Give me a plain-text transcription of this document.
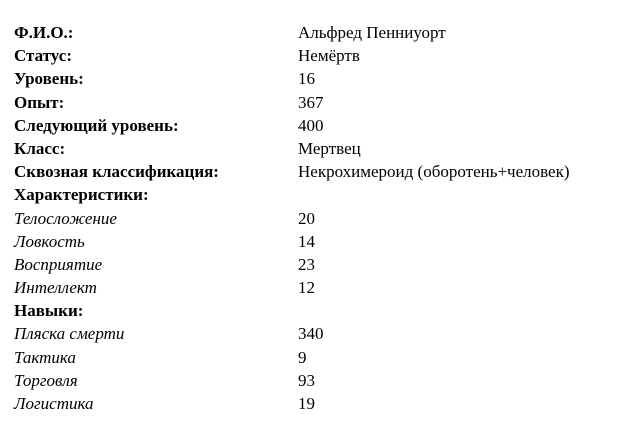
Ф.И.О.:	Альфред Пенниуорт
Статус:	Немёртв
Уровень:	16
Опыт:	367
Следующий уровень:	400
Класс:	Мертвец
Сквозная классификация:	Некрохимероид (оборотень+человек)
Характеристики:
Телосложение	20
Ловкость	14
Восприятие	23
Интеллект	12
Навыки:
Пляска смерти	340
Тактика	9
Торговля	93
Логистика	19
